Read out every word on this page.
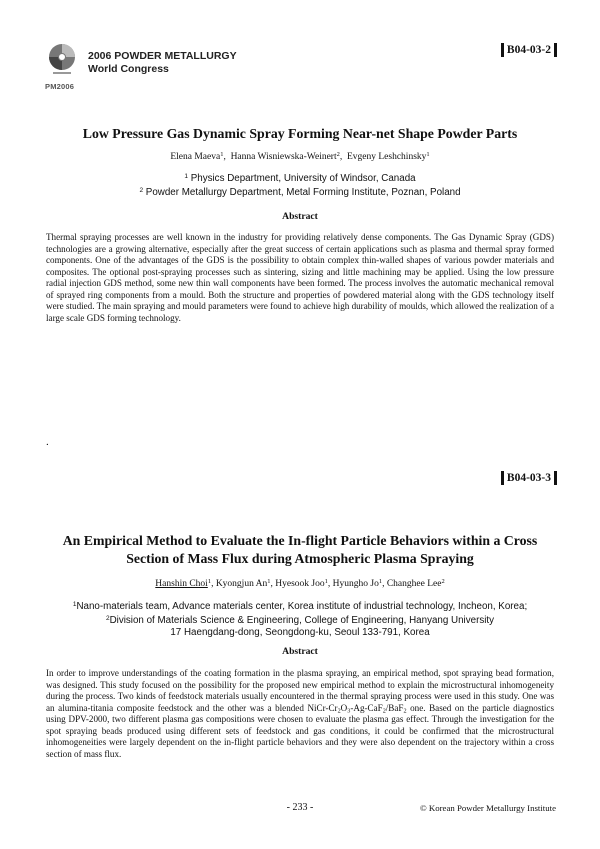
PM2006
2006 POWDER METALLURGY
World Congress
B04-03-2
Low Pressure Gas Dynamic Spray Forming Near-net Shape Powder Parts
Elena Maeva$^1$,  Hanna Wisniewska-Weinert$^2$,  Evgeny Leshchinsky$^1$
$^1$ Physics Department, University of Windsor, Canada
$^2$ Powder Metallurgy Department, Metal Forming Institute, Poznan, Poland
Abstract
Thermal spraying processes are well known in the industry for providing relatively dense components. The Gas Dynamic Spray (GDS) technologies are a growing alternative, especially after the great success of certain applications such as plasma and thermal spray formed components. One of the advantages of the GDS is the possibility to obtain complex thin-walled shapes of various powder materials and composites. The optional post-spraying processes such as sintering, sizing and little machining may be applied. Using the low pressure radial injection GDS method, some new thin wall components have been formed. The process involves the automatic mechanical removal of sprayed ring components from a mould. Both the structure and properties of powdered material along with the GDS technology itself were studied. The main spraying and mould parameters were found to achieve high durability of moulds, which allowed the realization of a large scale GDS forming technology.
.
B04-03-3
An Empirical Method to Evaluate the In-flight Particle Behaviors within a Cross
Section of Mass Flux during Atmospheric Plasma Spraying
Hanshin Choi$^1$, Kyongjun An$^1$, Hyesook Joo$^1$, Hyungho Jo$^1$, Changhee Lee$^2$
$^1$Nano-materials team, Advance materials center, Korea institute of industrial technology, Incheon, Korea;
$^2$Division of Materials Science & Engineering, College of Engineering, Hanyang University
17 Haengdang-dong, Seongdong-ku, Seoul 133-791, Korea
Abstract
In order to improve understandings of the coating formation in the plasma spraying, an empirical method, spot spraying bead formation, was designed. This study focused on the possibility for the proposed new empirical method to explain the microstructural inhomogeneity during the process. Two kinds of feedstock materials usually encountered in the thermal spraying process were used in this study. One was an alumina-titania composite feedstock and the other was a blended NiCr-$Cr_2O_3-Ag-CaF_2/BaF_2$ one. Based on the particle diagnostics using DPV-2000, two different plasma gas compositions were chosen to evaluate the plasma gas effect. Through the investigation for the spot spraying beads produced using different sets of feedstock and gas conditions, it could be confirmed that the microstructural inhomogeneities were largely dependent on the in-flight particle behaviors and they were also dependent on the trajectory within a cross section of mass flux.
- 233 -	© Korean Powder Metallurgy Institute
